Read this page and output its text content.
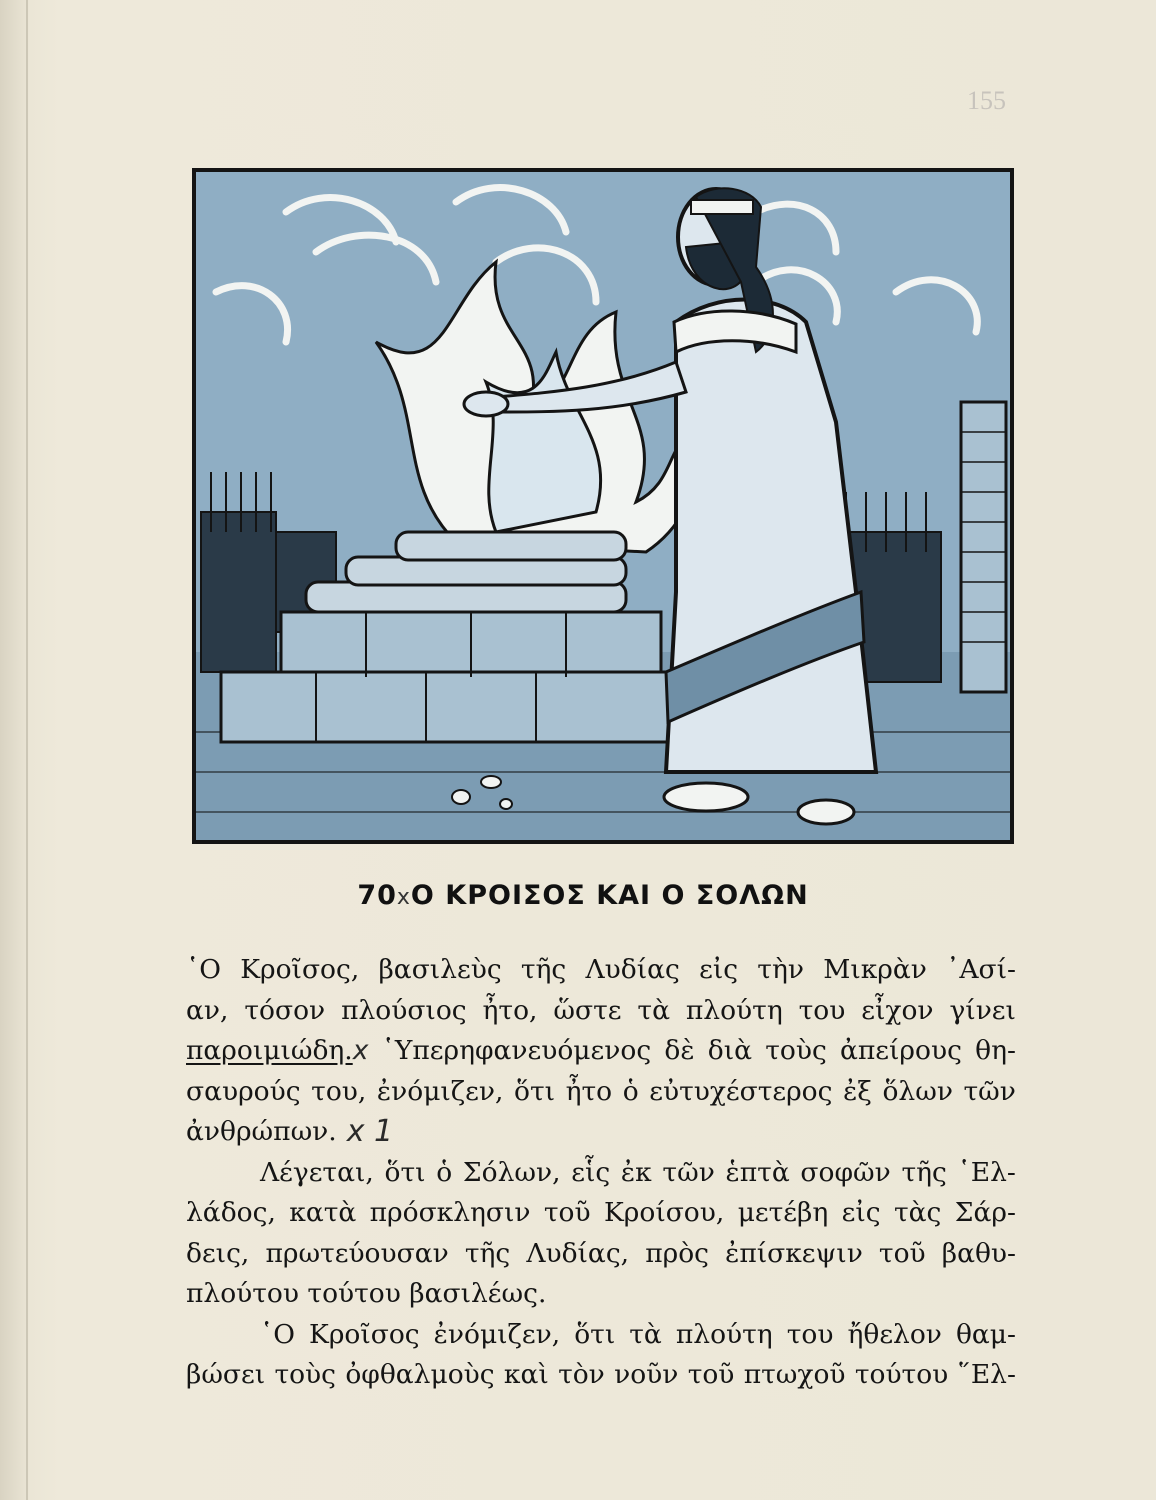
155
70xΟ ΚΡΟΙΣΟΣ ΚΑΙ Ο ΣΟΛΩΝ
῾Ο Κροῖσος, βασιλεὺς τῆς Λυδίας εἰς τὴν Μικρὰν ᾿Ασί-
αν, τόσον πλούσιος ἦτο, ὥστε τὰ πλούτη του εἶχον γίνει
παροιμιώδη.x ῾Υπερηφανευόμενος δὲ διὰ τοὺς ἀπείρους θη-
σαυρούς του, ἐνόμιζεν, ὅτι ἦτο ὁ εὐτυχέστερος ἐξ ὅλων τῶν
ἀνθρώπων. x 1
Λέγεται, ὅτι ὁ Σόλων, εἷς ἐκ τῶν ἑπτὰ σοφῶν τῆς ῾Ελ-
λάδος, κατὰ πρόσκλησιν τοῦ Κροίσου, μετέβη εἰς τὰς Σάρ-
δεις, πρωτεύουσαν τῆς Λυδίας, πρὸς ἐπίσκεψιν τοῦ βαθυ-
πλούτου τούτου βασιλέως.
῾Ο Κροῖσος ἐνόμιζεν, ὅτι τὰ πλούτη του ἤθελον θαμ-
βώσει τοὺς ὀφθαλμοὺς καὶ τὸν νοῦν τοῦ πτωχοῦ τούτου ῞Ελ-
